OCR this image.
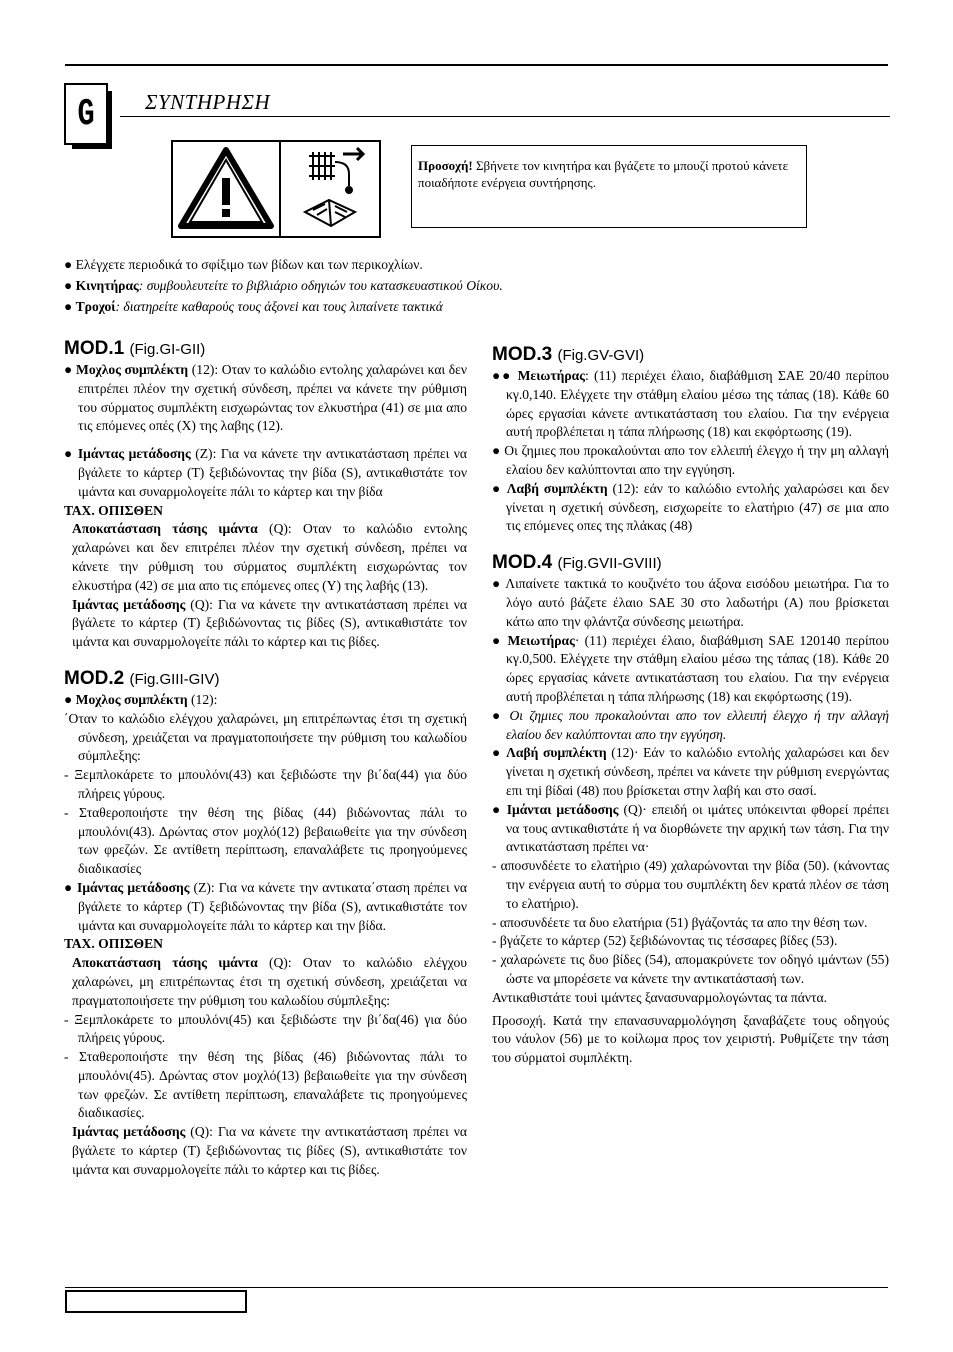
G	ΣΥΝΤΗΡΗΣΗ
Προσοχή! Σβήνετε τον κινητήρα και βγάζετε το μπουζί προτού κάνετε ποιαδήποτε ενέργεια συντήρησης.

● Ελέγχετε περιοδικά το σφίξιμο των βίδων και των περικοχλίων.

● Κινητήρας: συμβουλευτείτε το βιβλιάριο οδηγιών του κατασκευαστικού Οίκου.

● Τροχοί: διατηρείτε καθαρούς τους άξονεi και τους λιπαίνετε τακτικά

MOD.1 (Fig.GI-GII)

● Μοχλος συμπλέκτη (12): Οταν το καλώδιο εντολης χαλαρώνει και δεν επιτρέπει πλέον την σχετική σύνδεση, πρέπει να κάνετε την ρύθμιση του σύρματος συμπλέκτη εισχωρώντας τον ελκυστήρα (41) σε μια απο τις επόμενες οπές (X) της λαβης (12).

● Ιμάντας μετάδοσης (Z): Για να κάνετε την αντικατάσταση πρέπει να βγάλετε το κάρτερ (T) ξεβιδώνοντας την βίδα (S), αντικαθιστάτε τον ιμάντα και συναρμολογείτε πάλι το κάρτερ και την βίδα

ΤΑΧ. ΟΠΙΣΘΕΝ

Αποκατάσταση τάσης ιμάντα (Q): Οταν το καλώδιο εντολης χαλαρώνει και δεν επιτρέπει πλέον την σχετική σύνδεση, πρέπει να κάνετε την ρύθμιση του σύρματος συμπλέκτη εισχωρώντας τον ελκυστήρα (42) σε μια απο τις επόμενες οπες (Y) της λαβής (13).

Ιμάντας μετάδοσης (Q): Για να κάνετε την αντικατάσταση πρέπει να βγάλετε το κάρτερ (T) ξεβιδώνοντας τις βίδες (S), αντικαθιστάτε τον ιμάντα και συναρμολογείτε πάλι το κάρτερ και τις βίδες.

MOD.2 (Fig.GIII-GIV)

● Μοχλος συμπλέκτη (12):

΄Οταν το καλώδιο ελέγχου χαλαρώνει, μη επιτρέπωντας έτσι τη σχετική σύνδεση, χρειάζεται να πραγματοποιήσετε την ρύθμιση του καλωδίου σύμπλεξης:

- Ξεμπλοκάρετε το μπουλόνι(43) και ξεβιδώστε την βι΄δα(44) για δύο πλήρεις γύρους.

- Σταθεροποιήστε την θέση της βίδας (44) βιδώνοντας πάλι το μπουλόνι(43). Δρώντας στον μοχλό(12) βεβαιωθείτε για την σύνδεση των φρεζών. Σε αντίθετη περίπτωση, επαναλάβετε τις προηγούμενες διαδικασίες

● Ιμάντας μετάδοσης (Z): Για να κάνετε την αντικατα΄σταση πρέπει να βγάλετε το κάρτερ (T) ξεβιδώνοντας την βίδα (S), αντικαθιστάτε τον ιμάντα και συναρμολογείτε πάλι το κάρτερ και την βίδα.

ΤΑΧ. ΟΠΙΣΘΕΝ

Αποκατάσταση τάσης ιμάντα (Q): Οταν το καλώδιο ελέγχου χαλαρώνει, μη επιτρέπωντας έτσι τη σχετική σύνδεση, χρειάζεται να πραγματοποιήσετε την ρύθμιση του καλωδίου σύμπλεξης:

- Ξεμπλοκάρετε το μπουλόνι(45) και ξεβιδώστε την βι΄δα(46) για δύο πλήρεις γύρους.

- Σταθεροποιήστε την θέση της βίδας (46) βιδώνοντας πάλι το μπουλόνι(45). Δρώντας στον μοχλό(13) βεβαιωθείτε για την σύνδεση των φρεζών. Σε αντίθετη περίπτωση, επαναλάβετε τις προηγούμενες διαδικασίες.

Ιμάντας μετάδοσης (Q): Για να κάνετε την αντικατάσταση πρέπει να βγάλετε το κάρτερ (T) ξεβιδώνοντας τις βίδες (S), αντικαθιστάτε τον ιμάντα και συναρμολογείτε πάλι το κάρτερ και τις βίδες.

MOD.3 (Fig.GV-GVI)

●● Μειωτήρας: (11) περιέχει έλαιο, διαβάθμιση ΣΑΕ 20/40 περίπου κγ.0,140. Ελέγχετε την στάθμη ελαίου μέσω της τάπας (18). Κάθε 60 ώρες εργασίαι κάνετε αντικατάσταση του ελαίου. Για την ενέργεια αυτή προβλέπεται η τάπα πλήρωσης (18) και εκφόρτωσης (19).

● Οι ζημιες που προκαλούνται απο τον ελλειπή έλεγχο ή την μη αλλαγή ελαίου δεν καλύπτονται απο την εγγύηση.

● Λαβή συμπλέκτη (12): εάν το καλώδιο εντολής χαλαρώσει και δεν γίνεται η σχετική σύνδεση, εισχωρείτε το ελατήριο (47) σε μια απο τις επόμενες οπες της πλάκας (48)

MOD.4 (Fig.GVII-GVIII)

● Λιπαίνετε τακτικά το κουζινέτο του άξονα εισόδου μειωτήρα. Για το λόγο αυτό βάζετε έλαιο SAE 30 στο λαδωτήρι (A) που βρίσκεται κάτω απο την φλάντζα σύνδεσης μειωτήρα.

● Μειωτήρας· (11) περιέχει έλαιο, διαβάθμιση SAE 120140 περίπου κγ.0,500. Ελέγχετε την στάθμη ελαίου μέσω της τάπας (18). Κάθε 20 ώρες εργασίας κάνετε αντικατάσταση του ελαίου. Για την ενέργεια αυτή προβλέπεται η τάπα πλήρωσης (18) και εκφόρτωσης (19).

● Οι ζημιες που προκαλούνται απο τον ελλειπή έλεγχο ή την αλλαγή ελαίου δεν καλύπτονται απο την εγγύηση.

● Λαβή συμπλέκτη (12)· Εάν το καλώδιο εντολής χαλαρώσει και δεν γίνεται η σχετική σύνδεση, πρέπει να κάνετε την ρύθμιση ενεργώντας επι τηi βίδαi (48) που βρίσκεται στην λαβή και στο σασί.

● Ιμάνται μετάδοσης (Q)· επειδή οι ιμάτες υπόκεινται φθορεί πρέπει να τους αντικαθιστάτε ή να διορθώνετε την αρχική των τάση. Για την αντικατάσταση πρέπει να·

- αποσυνδέετε το ελατήριο (49) χαλαρώνονται την βίδα (50). (κάνοντας την ενέργεια αυτή το σύρμα του συμπλέκτη δεν κρατά πλέον σε τάση το ελατήριο).

- αποσυνδέετε τα δυο ελατήρια (51) βγάζοντάς τα απο την θέση των.

- βγάζετε το κάρτερ (52) ξεβιδώνοντας τις τέσσαρες βίδες (53).

- χαλαρώνετε τις δυο βίδες (54), απομακρύνετε τον οδηγό ιμάντων (55) ώστε να μπορέσετε να κάνετε την αντικατάστασή των.

Αντικαθιστάτε τουi ιμάντες ξανασυναρμολογώντας τα πάντα.

Προσοχή. Κατά την επανασυναρμολόγηση ξαναβάζετε τους οδηγούς του νάυλον (56) με το κοίλωμα προς τον χειριστή. Ρυθμίζετε την τάση του σύρματοi συμπλέκτη.
